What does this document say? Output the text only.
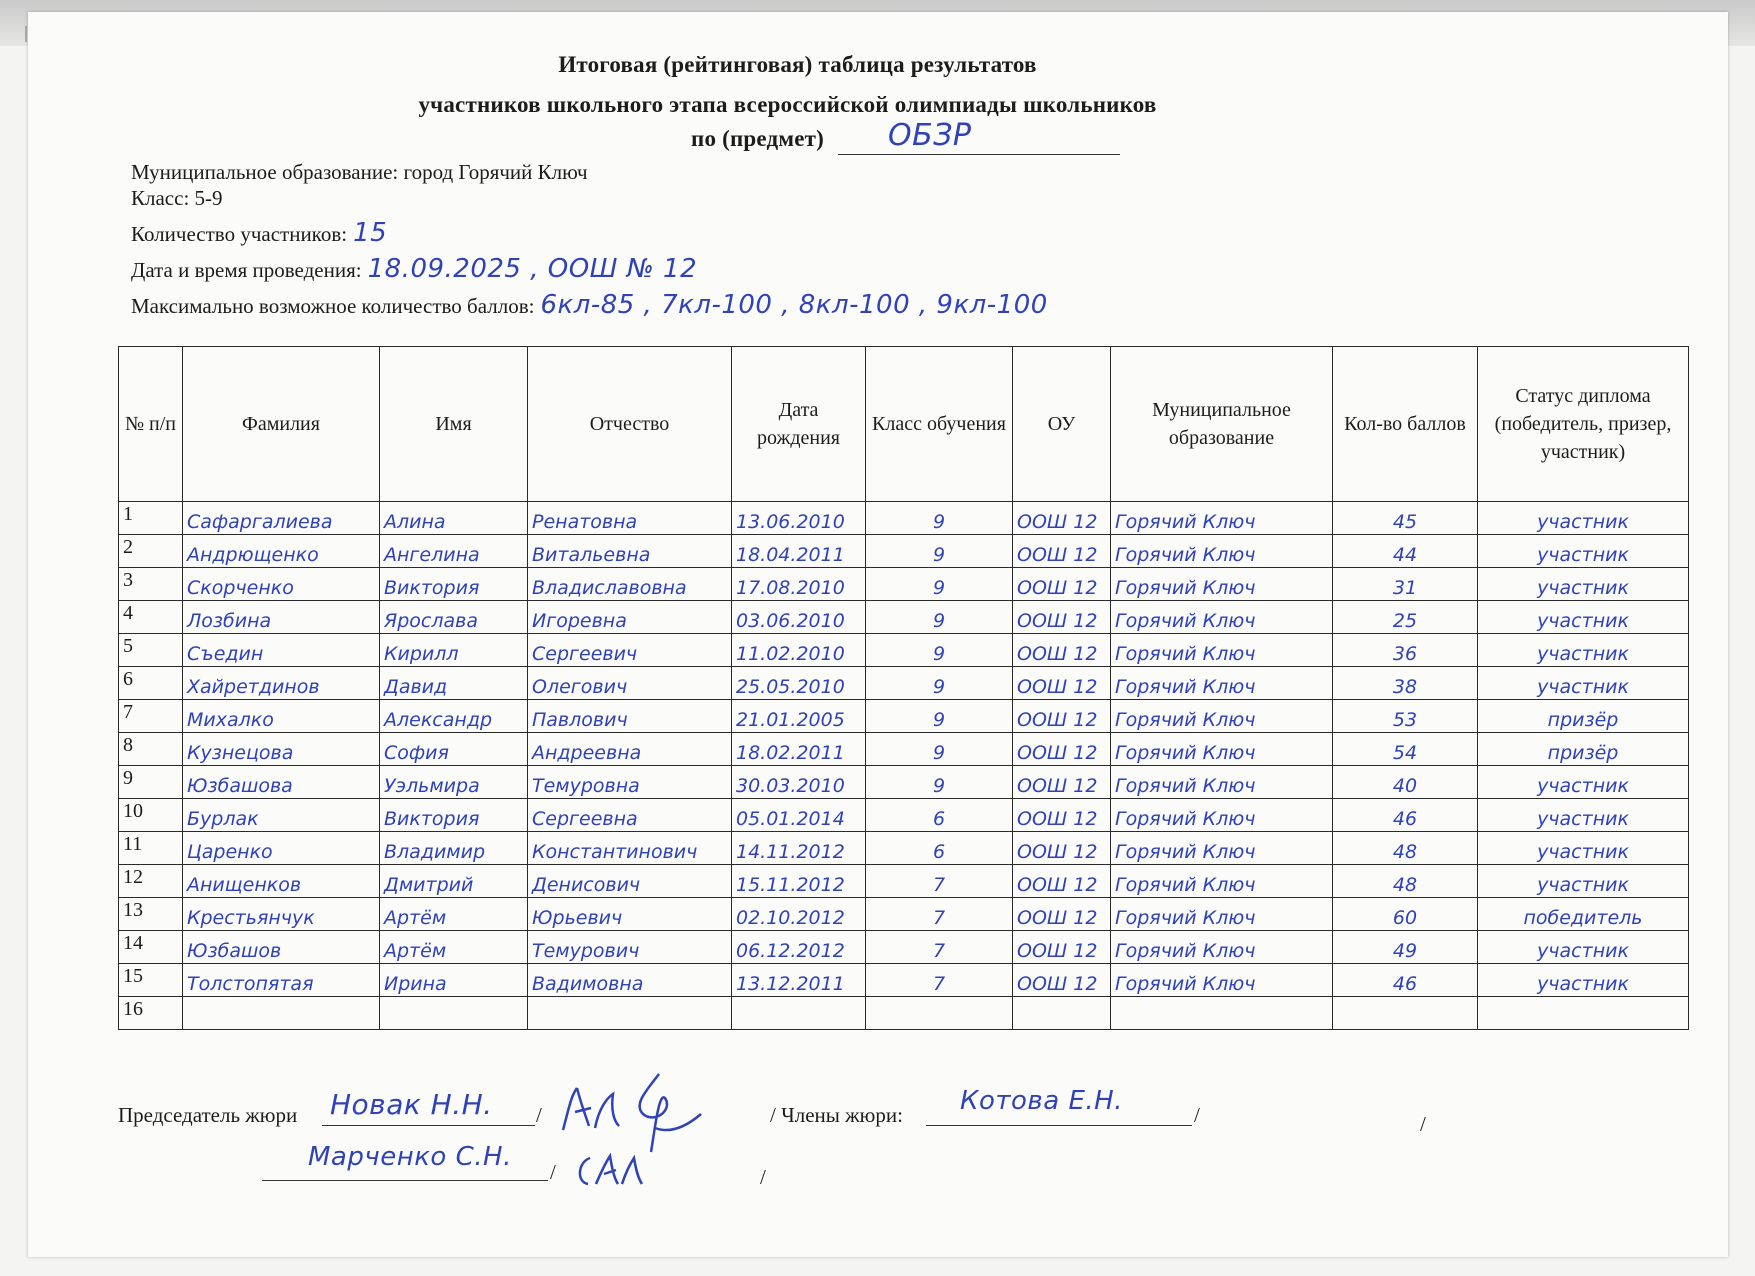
Итоговая (рейтинговая) таблица результатов
участников школьного этапа всероссийской олимпиады школьников
по (предмет)	ОБЗР
Муниципальное образование: город Горячий Ключ
Класс: 5-9
Количество участников: 15
Дата и время проведения: 18.09.2025 , ООШ № 12
Максимально возможное количество баллов: 6кл-85 , 7кл-100 , 8кл-100 , 9кл-100
№ п/п	Фамилия	Имя	Отчество	Дата рождения	Класс обучения	ОУ	Муниципальное образование	Кол-во баллов	Статус диплома (победитель, призер, участник)
1	Сафаргалиева	Алина	Ренатовна	13.06.2010	9	ООШ 12	Горячий Ключ	45	участник
2	Андрющенко	Ангелина	Витальевна	18.04.2011	9	ООШ 12	Горячий Ключ	44	участник
3	Скорченко	Виктория	Владиславовна	17.08.2010	9	ООШ 12	Горячий Ключ	31	участник
4	Лозбина	Ярослава	Игоревна	03.06.2010	9	ООШ 12	Горячий Ключ	25	участник
5	Съедин	Кирилл	Сергеевич	11.02.2010	9	ООШ 12	Горячий Ключ	36	участник
6	Хайретдинов	Давид	Олегович	25.05.2010	9	ООШ 12	Горячий Ключ	38	участник
7	Михалко	Александр	Павлович	21.01.2005	9	ООШ 12	Горячий Ключ	53	призёр
8	Кузнецова	София	Андреевна	18.02.2011	9	ООШ 12	Горячий Ключ	54	призёр
9	Юзбашова	Уэльмира	Темуровна	30.03.2010	9	ООШ 12	Горячий Ключ	40	участник
10	Бурлак	Виктория	Сергеевна	05.01.2014	6	ООШ 12	Горячий Ключ	46	участник
11	Царенко	Владимир	Константинович	14.11.2012	6	ООШ 12	Горячий Ключ	48	участник
12	Анищенков	Дмитрий	Денисович	15.11.2012	7	ООШ 12	Горячий Ключ	48	участник
13	Крестьянчук	Артём	Юрьевич	02.10.2012	7	ООШ 12	Горячий Ключ	60	победитель
14	Юзбашов	Артём	Темурович	06.12.2012	7	ООШ 12	Горячий Ключ	49	участник
15	Толстопятая	Ирина	Вадимовна	13.12.2011	7	ООШ 12	Горячий Ключ	46	участник
16									
Председатель жюри Новак Н.Н. /	/ Члены жюри: Котова Е.Н.	/	/
Марченко С.Н. /	/
